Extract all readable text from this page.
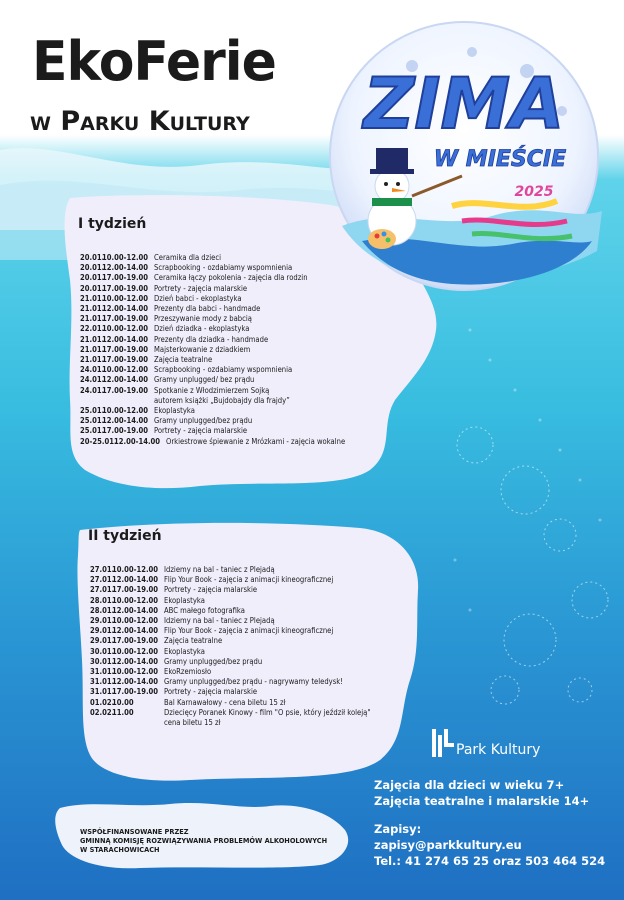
EkoFerie
w Parku Kultury ZIMA
W MIEŚCIE
2025
I tydzień
20.01.10.00-12.00 Ceramika dla dzieci
20.01.12.00-14.00 Scrapbooking - ozdabiamy wspomnienia
20.01.17.00-19.00 Ceramika łączy pokolenia - zajęcia dla rodzin
20.01.17.00-19.00 Portrety - zajęcia malarskie
21.01.10.00-12.00 Dzień babci - ekoplastyka
21.01.12.00-14.00 Prezenty dla babci - handmade
21.01.17.00-19.00 Przeszywanie mody z babcią
22.01.10.00-12.00 Dzień dziadka - ekoplastyka
21.01.12.00-14.00 Prezenty dla dziadka - handmade
21.01.17.00-19.00 Majsterkowanie z dziadkiem
21.01.17.00-19.00 Zajęcia teatralne
24.01.10.00-12.00 Scrapbooking - ozdabiamy wspomnienia
24.01.12.00-14.00 Gramy unplugged/ bez prądu
24.01.17.00-19.00 Spotkanie z Włodzimierzem Sojką
autorem książki „Bujdobajdy dla frajdy”
25.01.10.00-12.00 Ekoplastyka
25.01.12.00-14.00 Gramy unplugged/bez prądu
25.01.17.00-19.00 Portrety - zajęcia malarskie
20-25.01.12.00-14.00 Orkiestrowe śpiewanie z Mrózkami - zajęcia wokalne
II tydzień
27.01.10.00-12.00 Idziemy na bal - taniec z Plejadą
27.01.12.00-14.00 Flip Your Book - zajęcia z animacji kineograficznej
27.01.17.00-19.00 Portrety - zajęcia malarskie
28.01.10.00-12.00 Ekoplastyka
28.01.12.00-14.00 ABC małego fotografika
29.01.10.00-12.00 Idziemy na bal - taniec z Plejadą
29.01.12.00-14.00 Flip Your Book - zajęcia z animacji kineograficznej
29.01.17.00-19.00 Zajęcia teatralne
30.01.10.00-12.00 Ekoplastyka
30.01.12.00-14.00 Gramy unplugged/bez prądu
31.01.10.00-12.00 EkoRzemiosło
31.01.12.00-14.00 Gramy unplugged/bez prądu - nagrywamy teledysk!
31.01.17.00-19.00 Portrety - zajęcia malarskie
01.02.10.00	Bal Karnawałowy - cena biletu 15 zł
02.02.11.00	Dziecięcy Poranek Kinowy - film "O psie, który jeździł koleją"
cena biletu 15 zł

Park Kultury

Zajęcia dla dzieci w wieku 7+

Zajęcia teatralne i malarskie 14+

Zapisy:

zapisy@parkkultury.eu

Tel.: 41 274 65 25 oraz 503 464 524

WSPÓŁFINANSOWANE PRZEZ
GMINNĄ KOMISJĘ ROZWIĄZYWANIA PROBLEMÓW ALKOHOLOWYCH
W STARACHOWICACH
